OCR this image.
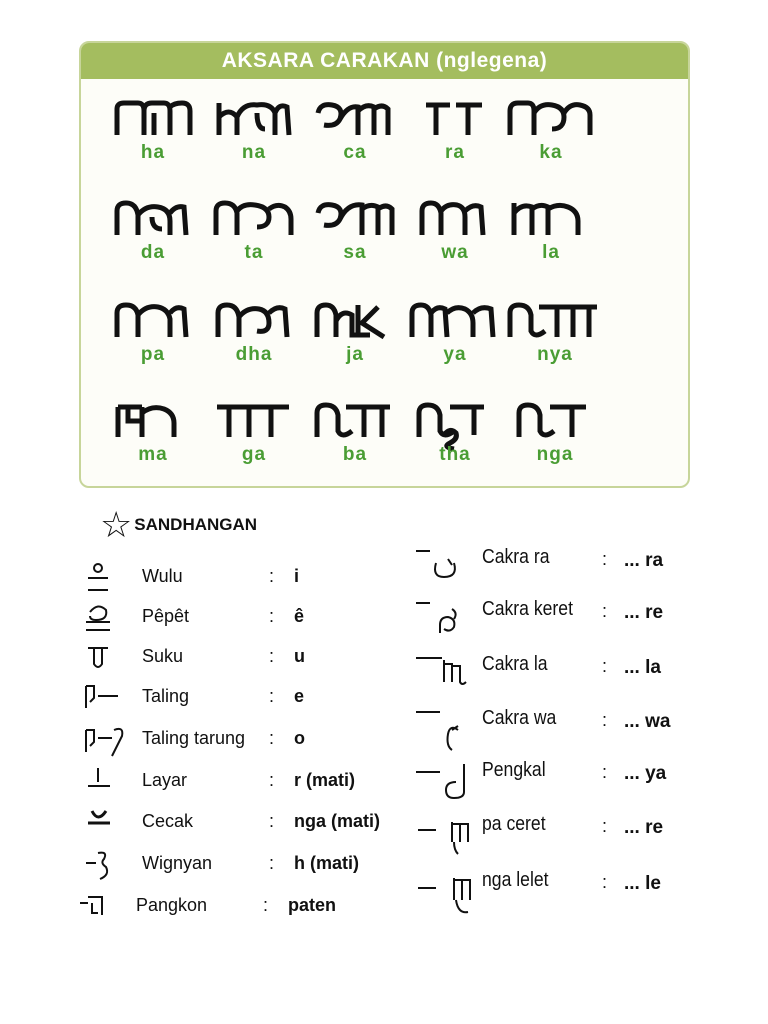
AKSARA CARAKAN (nglegena)
ha	na	ca	ra	ka
da	ta	sa	wa	la
pa	dha	ja	ya	nya
ma	ga	ba	tha	nga
☆ SANDHANGAN
Wulu	: i
Pêpêt	: ê
Suku	: u
Taling	: e
Taling tarung : o
Layar	: r (mati)
Cecak	: nga (mati)
Wignyan	: h (mati)
Pangkon	: paten
Cakra ra	: ... ra
Cakra keret : ... re
Cakra la	: ... la
Cakra wa	: ... wa
Pengkal	: ... ya
pa ceret	: ... re
nga lelet	: ... le
